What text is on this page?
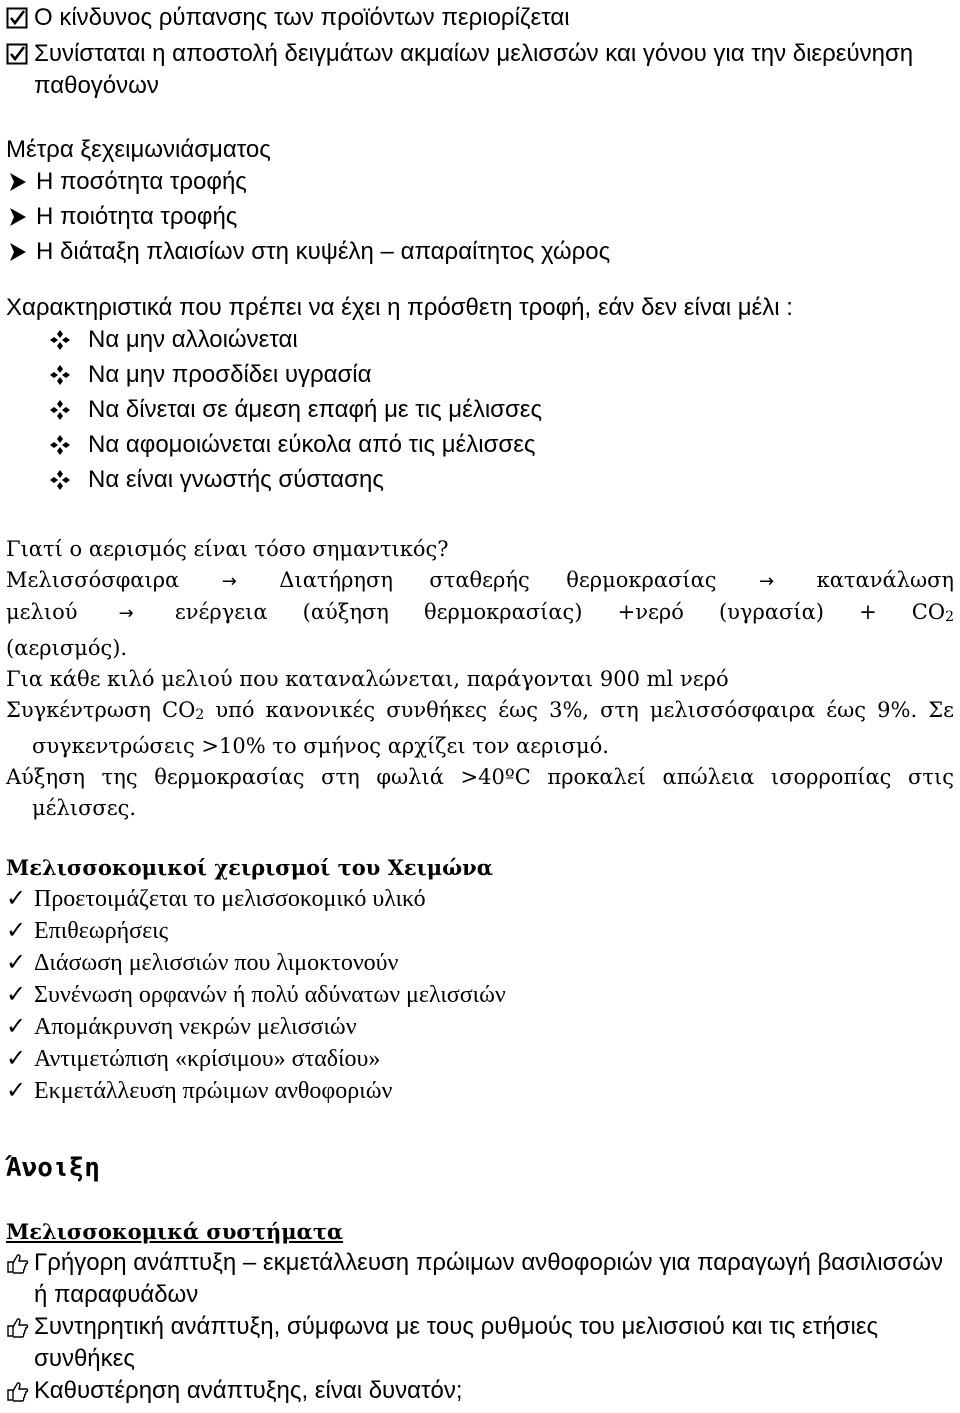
Ο κίνδυνος ρύπανσης των προϊόντων περιορίζεται
Συνίσταται η αποστολή δειγμάτων ακμαίων μελισσών και γόνου για την διερεύνηση παθογόνων
Μέτρα ξεχειμωνιάσματος
Η ποσότητα τροφής
Η ποιότητα τροφής
Η διάταξη πλαισίων στη κυψέλη – απαραίτητος χώρος
Χαρακτηριστικά που πρέπει να έχει η πρόσθετη τροφή, εάν δεν είναι μέλι :
Να μην αλλοιώνεται
Να μην προσδίδει υγρασία
Να δίνεται σε άμεση επαφή με τις μέλισσες
Να αφομοιώνεται εύκολα από τις μέλισσες
Να είναι γνωστής σύστασης
Γιατί ο αερισμός είναι τόσο σημαντικός?
Μελισσόσφαιρα → Διατήρηση σταθερής θερμοκρασίας → κατανάλωση
μελιού → ενέργεια (αύξηση θερμοκρασίας) +νερό (υγρασία) + CO2
(αερισμός).
Για κάθε κιλό μελιού που καταναλώνεται, παράγονται 900 ml νερό
Συγκέντρωση CO2 υπό κανονικές συνθήκες έως 3%, στη μελισσόσφαιρα έως 9%. Σε συγκεντρώσεις >10% το σμήνος αρχίζει τον αερισμό.
Αύξηση της θερμοκρασίας στη φωλιά >40ºC προκαλεί απώλεια ισορροπίας στις μέλισσες.
Μελισσοκομικοί χειρισμοί του Χειμώνα
✓ Προετοιμάζεται το μελισσοκομικό υλικό
✓ Επιθεωρήσεις
✓ Διάσωση μελισσιών που λιμοκτονούν
✓ Συνένωση ορφανών ή πολύ αδύνατων μελισσιών
✓ Απομάκρυνση νεκρών μελισσιών
✓ Αντιμετώπιση «κρίσιμου» σταδίου»
✓ Εκμετάλλευση πρώιμων ανθοφοριών
Άνοιξη
Μελισσοκομικά συστήματα
Γρήγορη ανάπτυξη – εκμετάλλευση πρώιμων ανθοφοριών για παραγωγή βασιλισσών ή παραφυάδων
Συντηρητική ανάπτυξη, σύμφωνα με τους ρυθμούς του μελισσιού και τις ετήσιες συνθήκες
Καθυστέρηση ανάπτυξης, είναι δυνατόν;
